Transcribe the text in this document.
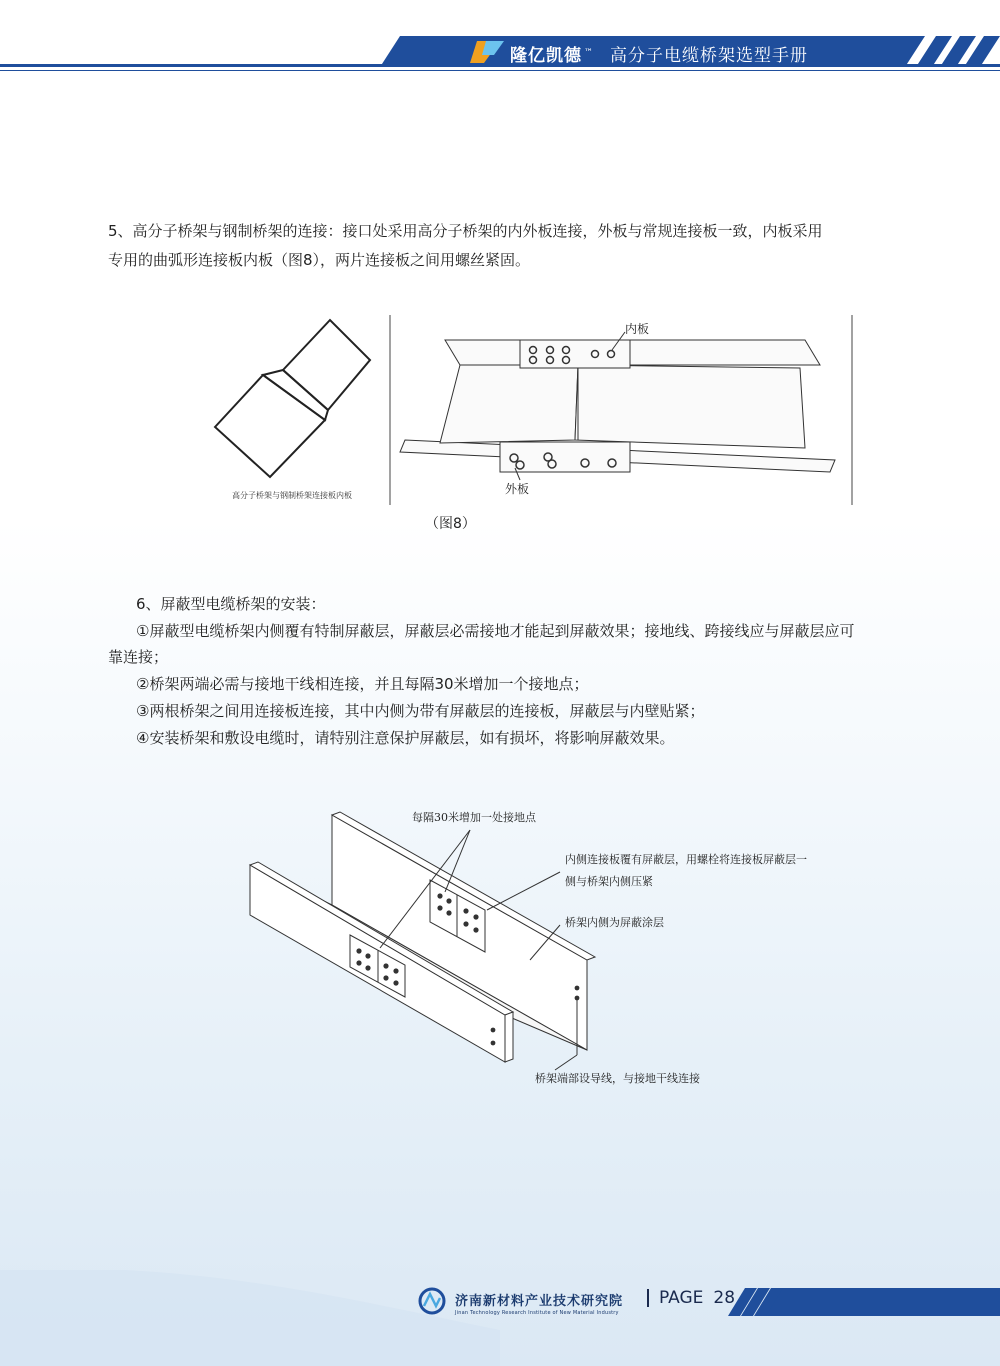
隆亿凯德 ™ 高分子电缆桥架选型手册
5、高分子桥架与钢制桥架的连接：接口处采用高分子桥架的内外板连接，外板与常规连接板一致，内板采用
专用的曲弧形连接板内板（图8），两片连接板之间用螺丝紧固。
内板
外板
高分子桥架与钢制桥架连接板内板
（图8）
6、屏蔽型电缆桥架的安装：
①屏蔽型电缆桥架内侧覆有特制屏蔽层，屏蔽层必需接地才能起到屏蔽效果；接地线、跨接线应与屏蔽层应可
靠连接；
②桥架两端必需与接地干线相连接，并且每隔30米增加一个接地点；
③两根桥架之间用连接板连接，其中内侧为带有屏蔽层的连接板，屏蔽层与内壁贴紧；
④安装桥架和敷设电缆时，请特别注意保护屏蔽层，如有损坏，将影响屏蔽效果。
每隔30米增加一处接地点
内侧连接板覆有屏蔽层，用螺栓将连接板屏蔽层一
侧与桥架内侧压紧
桥架内侧为屏蔽涂层
桥架端部设导线，与接地干线连接
济南新材料产业技术研究院
Jinan Technology Research Institute of New Material Industry
PAGE 28
